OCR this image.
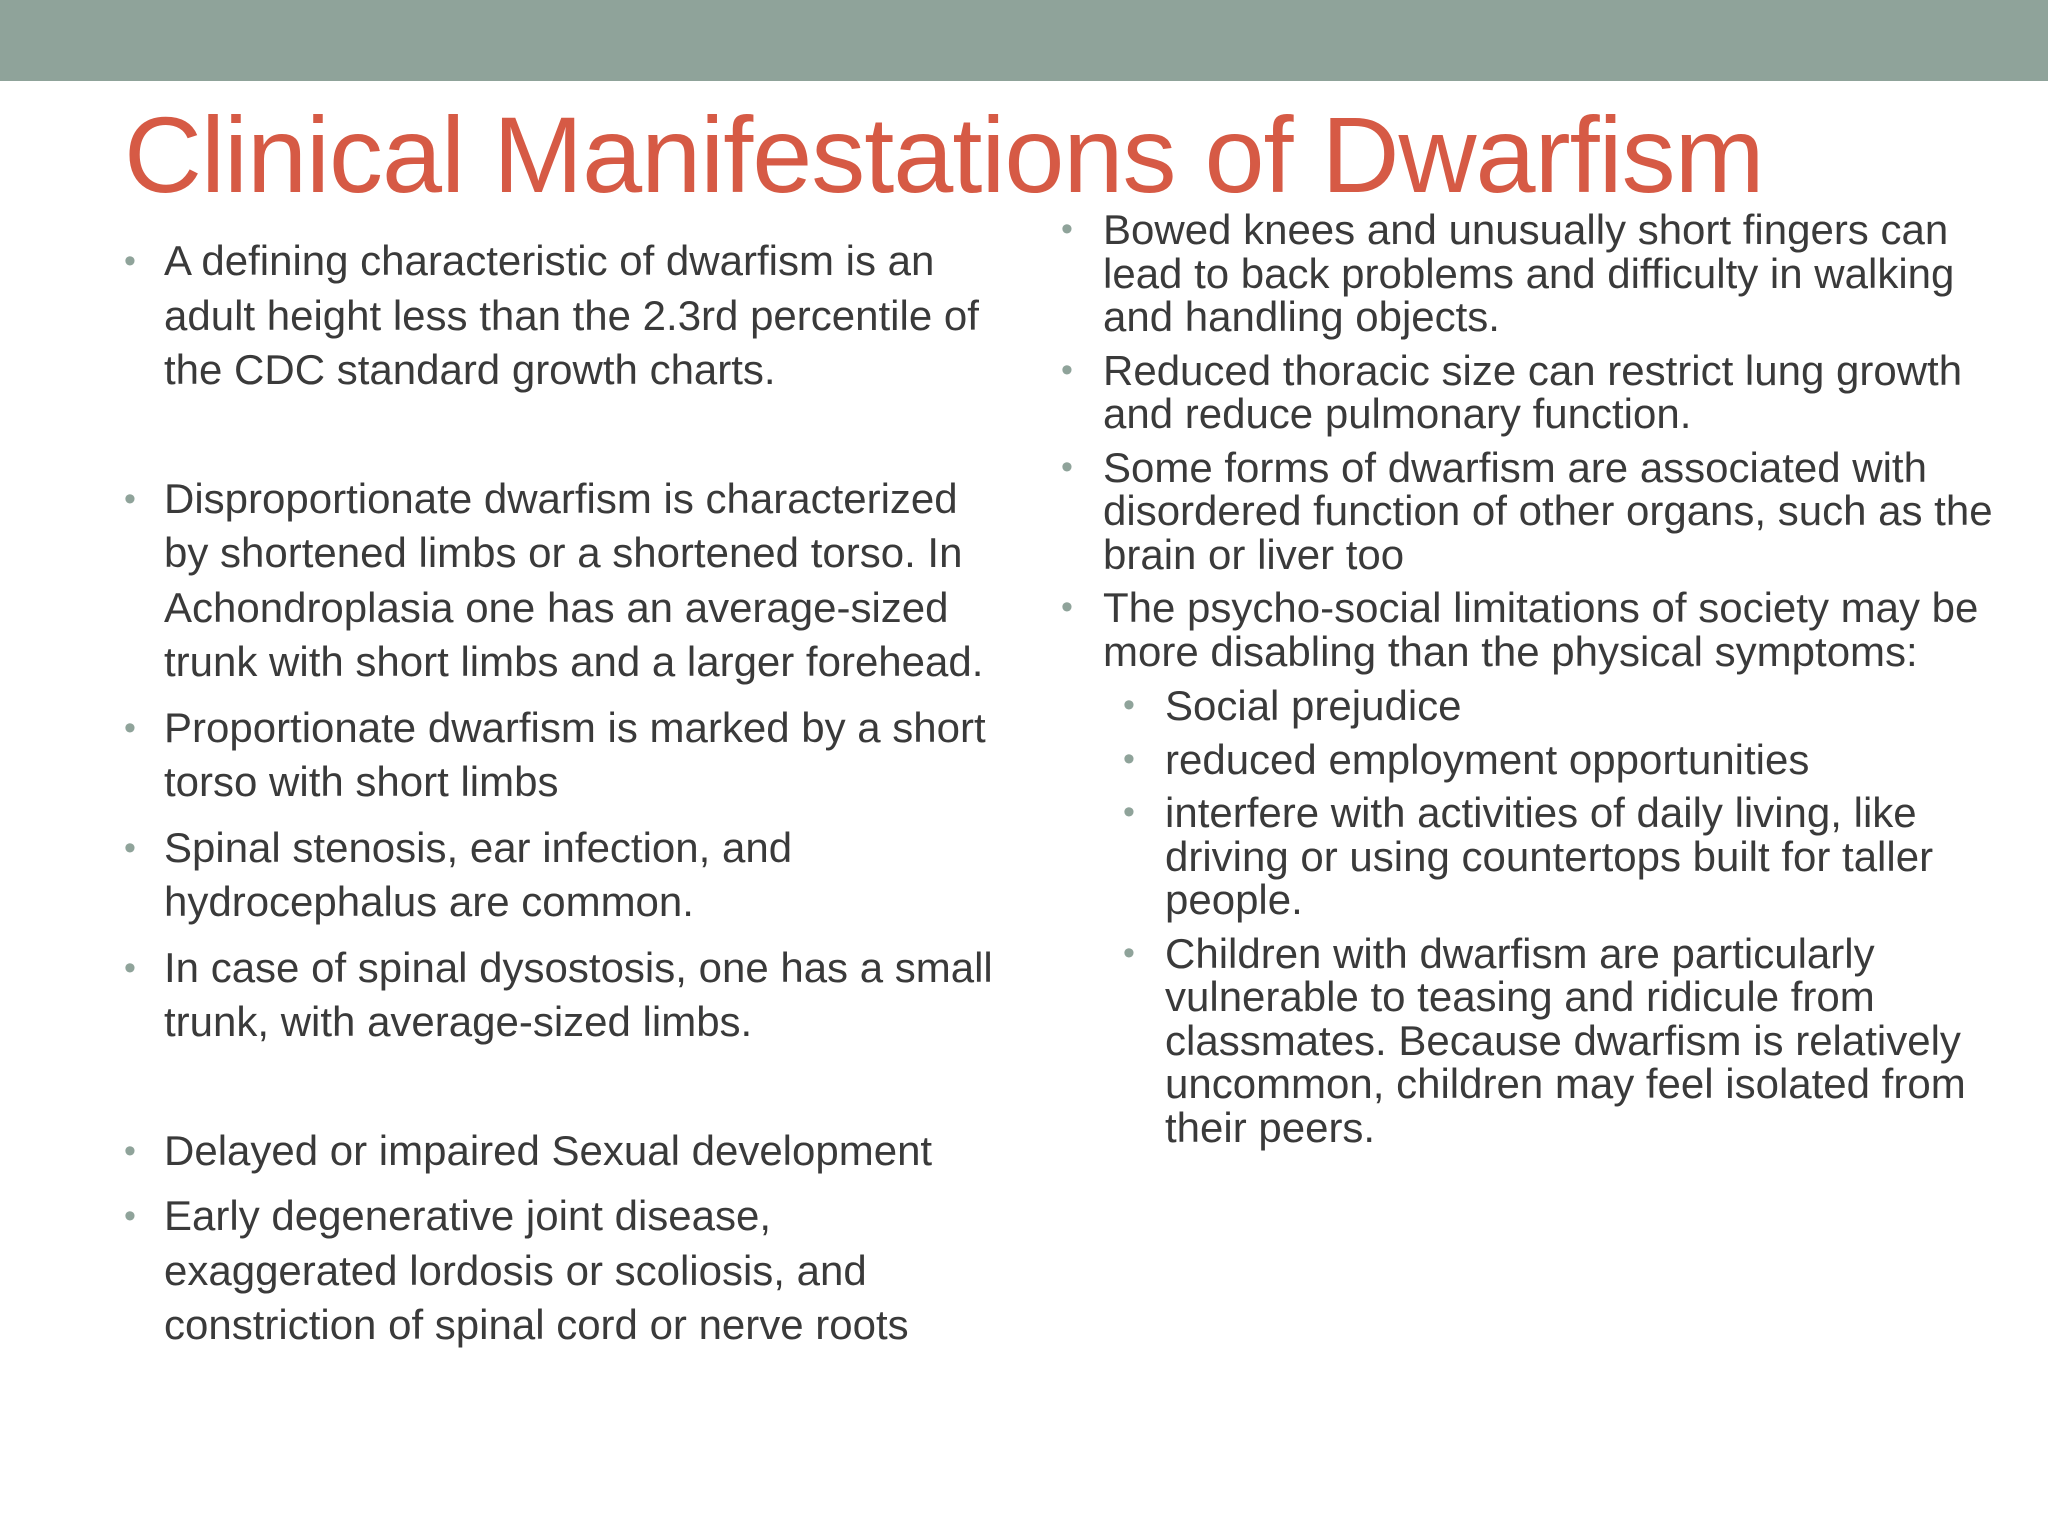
Clinical Manifestations of Dwarfism
• A defining characteristic of dwarfism is an adult height less than the 2.3rd percentile of the CDC standard growth charts.
• Disproportionate dwarfism is characterized by shortened limbs or a shortened torso. In Achondroplasia one has an average-sized trunk with short limbs and a larger forehead.
• Proportionate dwarfism is marked by a short torso with short limbs
• Spinal stenosis, ear infection, and hydrocephalus are common.
• In case of spinal dysostosis, one has a small trunk, with average-sized limbs.
• Delayed or impaired Sexual development
• Early degenerative joint disease, exaggerated lordosis or scoliosis, and constriction of spinal cord or nerve roots
• Bowed knees and unusually short fingers can lead to back problems and difficulty in walking and handling objects.
• Reduced thoracic size can restrict lung growth and reduce pulmonary function.
• Some forms of dwarfism are associated with disordered function of other organs, such as the brain or liver too
• The psycho-social limitations of society may be more disabling than the physical symptoms:
• Social prejudice
• reduced employment opportunities
• interfere with activities of daily living, like driving or using countertops built for taller people.
• Children with dwarfism are particularly vulnerable to teasing and ridicule from classmates. Because dwarfism is relatively uncommon, children may feel isolated from their peers.
